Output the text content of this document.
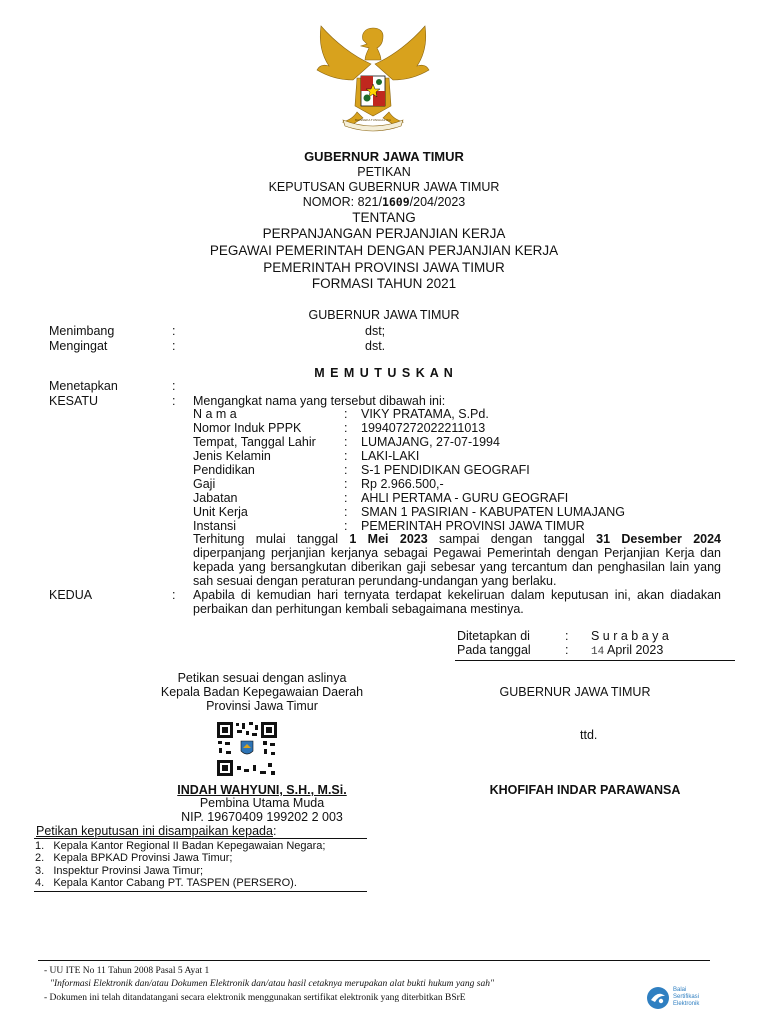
BHINNEKA TUNGGAL IKA
GUBERNUR JAWA TIMUR
PETIKAN
KEPUTUSAN GUBERNUR JAWA TIMUR
NOMOR: 821/1609/204/2023
TENTANG
PERPANJANGAN PERJANJIAN KERJA
PEGAWAI PEMERINTAH DENGAN PERJANJIAN KERJA
PEMERINTAH PROVINSI JAWA TIMUR
FORMASI TAHUN 2021
GUBERNUR JAWA TIMUR
Menimbang	:	dst;
Mengingat	:	dst.
M E M U T U S K A N
Menetapkan	:
KESATU	: Mengangkat nama yang tersebut dibawah ini:
N a m a	: VIKY PRATAMA, S.Pd.
Nomor Induk PPPK	: 199407272022211013
Tempat, Tanggal Lahir : LUMAJANG, 27-07-1994
Jenis Kelamin	: LAKI-LAKI
Pendidikan	: S-1 PENDIDIKAN GEOGRAFI
Gaji	: Rp 2.966.500,-
Jabatan	: AHLI PERTAMA - GURU GEOGRAFI
Unit Kerja	: SMAN 1 PASIRIAN - KABUPATEN LUMAJANG
Instansi	: PEMERINTAH PROVINSI JAWA TIMUR
Terhitung mulai tanggal 1 Mei 2023 sampai dengan tanggal 31 Desember 2024
diperpanjang perjanjian kerjanya sebagai Pegawai Pemerintah dengan Perjanjian Kerja dan kepada yang bersangkutan diberikan gaji sebesar yang tercantum dan penghasilan lain yang sah sesuai dengan peraturan perundang-undangan yang berlaku.
KEDUA	: Apabila di kemudian hari ternyata terdapat kekeliruan dalam keputusan ini, akan diadakan perbaikan dan perhitungan kembali sebagaimana mestinya.
Ditetapkan di	: S u r a b a y a
Pada tanggal	: 14 April 2023
Petikan sesuai dengan aslinya
Kepala Badan Kepegawaian Daerah
Provinsi Jawa Timur
INDAH WAHYUNI, S.H., M.Si.
Pembina Utama Muda
NIP. 19670409 199202 2 003
GUBERNUR JAWA TIMUR
ttd.
KHOFIFAH INDAR PARAWANSA
Petikan keputusan ini disampaikan kepada:
1.   Kepala Kantor Regional II Badan Kepegawaian Negara;
2.   Kepala BPKAD Provinsi Jawa Timur;
3.   Inspektur Provinsi Jawa Timur;
4.   Kepala Kantor Cabang PT. TASPEN (PERSERO).
- UU ITE No 11 Tahun 2008 Pasal 5 Ayat 1
"Informasi Elektronik dan/atau Dokumen Elektronik dan/atau hasil cetaknya merupakan alat bukti hukum yang sah"
- Dokumen ini telah ditandatangani secara elektronik menggunakan sertifikat elektronik yang diterbitkan BSrE
Balai
Sertifikasi
Elektronik
